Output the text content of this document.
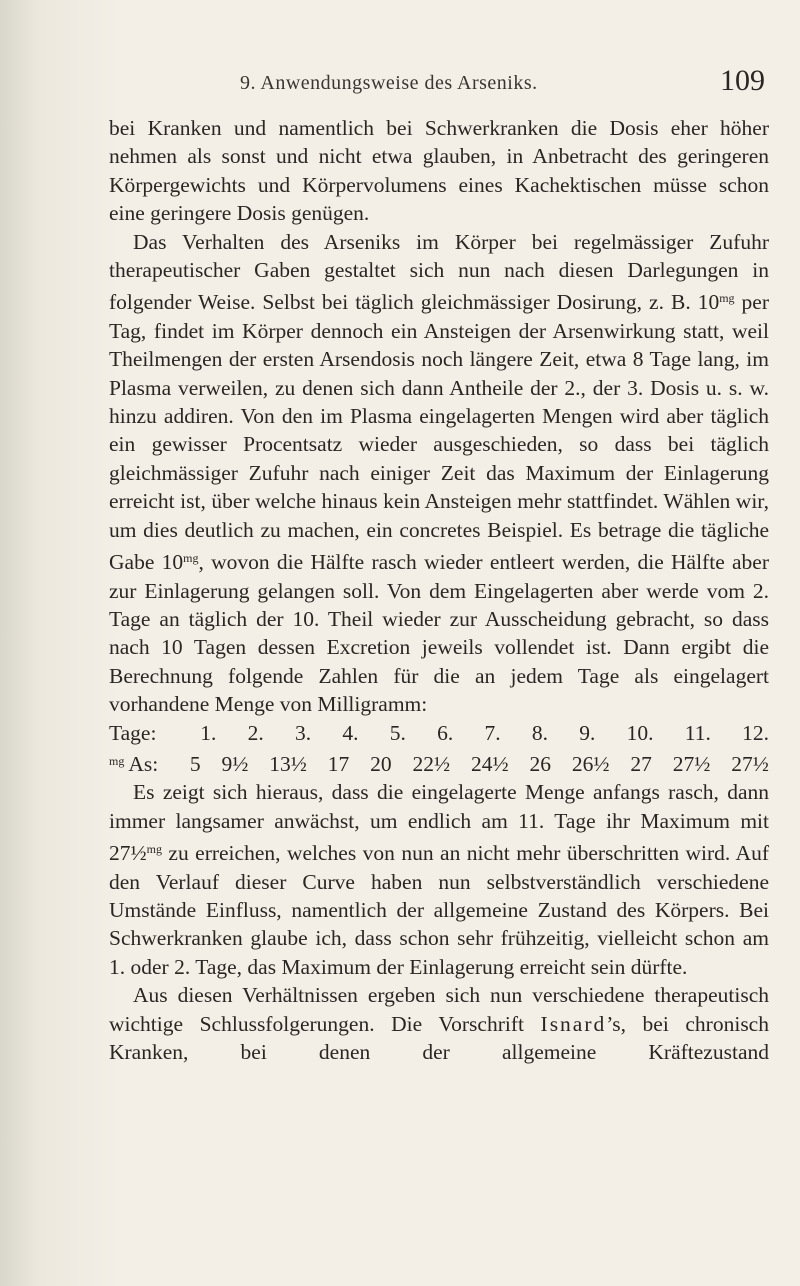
9. Anwendungsweise des Arseniks.	109

bei Kranken und namentlich bei Schwerkranken die Dosis eher höher nehmen als sonst und nicht etwa glauben, in Anbetracht des geringeren Körpergewichts und Körpervolumens eines Kachektischen müsse schon eine geringere Dosis genügen.

Das Verhalten des Arseniks im Körper bei regelmässiger Zufuhr therapeutischer Gaben gestaltet sich nun nach diesen Darlegungen in folgender Weise. Selbst bei täglich gleichmässiger Dosirung, z. B. $10^{mg}$ per Tag, findet im Körper dennoch ein Ansteigen der Arsenwirkung statt, weil Theilmengen der ersten Arsendosis noch längere Zeit, etwa 8 Tage lang, im Plasma verweilen, zu denen sich dann Antheile der 2., der 3. Dosis u. s. w. hinzu addiren. Von den im Plasma eingelagerten Mengen wird aber täglich ein gewisser Procentsatz wieder ausgeschieden, so dass bei täglich gleichmässiger Zufuhr nach einiger Zeit das Maximum der Einlagerung erreicht ist, über welche hinaus kein Ansteigen mehr stattfindet. Wählen wir, um dies deutlich zu machen, ein concretes Beispiel. Es betrage die tägliche Gabe $10^{mg}$, wovon die Hälfte rasch wieder entleert werden, die Hälfte aber zur Einlagerung gelangen soll. Von dem Eingelagerten aber werde vom 2. Tage an täglich der 10. Theil wieder zur Ausscheidung gebracht, so dass nach 10 Tagen dessen Excretion jeweils vollendet ist. Dann ergibt die Berechnung folgende Zahlen für die an jedem Tage als eingelagert vorhandene Menge von Milligramm:

Tage:	1. 2. 3. 4. 5. 6. 7. 8. 9. 10. 11. 12.
$^{mg}$ As:	5 9½ 13½ 17 20 22½ 24½ 26 26½ 27 27½ 27½

Es zeigt sich hieraus, dass die eingelagerte Menge anfangs rasch, dann immer langsamer anwächst, um endlich am 11. Tage ihr Maximum mit 27½$^{mg}$ zu erreichen, welches von nun an nicht mehr überschritten wird. Auf den Verlauf dieser Curve haben nun selbstverständlich verschiedene Umstände Einfluss, namentlich der allgemeine Zustand des Körpers. Bei Schwerkranken glaube ich, dass schon sehr frühzeitig, vielleicht schon am 1. oder 2. Tage, das Maximum der Einlagerung erreicht sein dürfte.

Aus diesen Verhältnissen ergeben sich nun verschiedene therapeutisch wichtige Schlussfolgerungen. Die Vorschrift Isnard’s, bei chronisch Kranken, bei denen der allgemeine Kräftezustand
